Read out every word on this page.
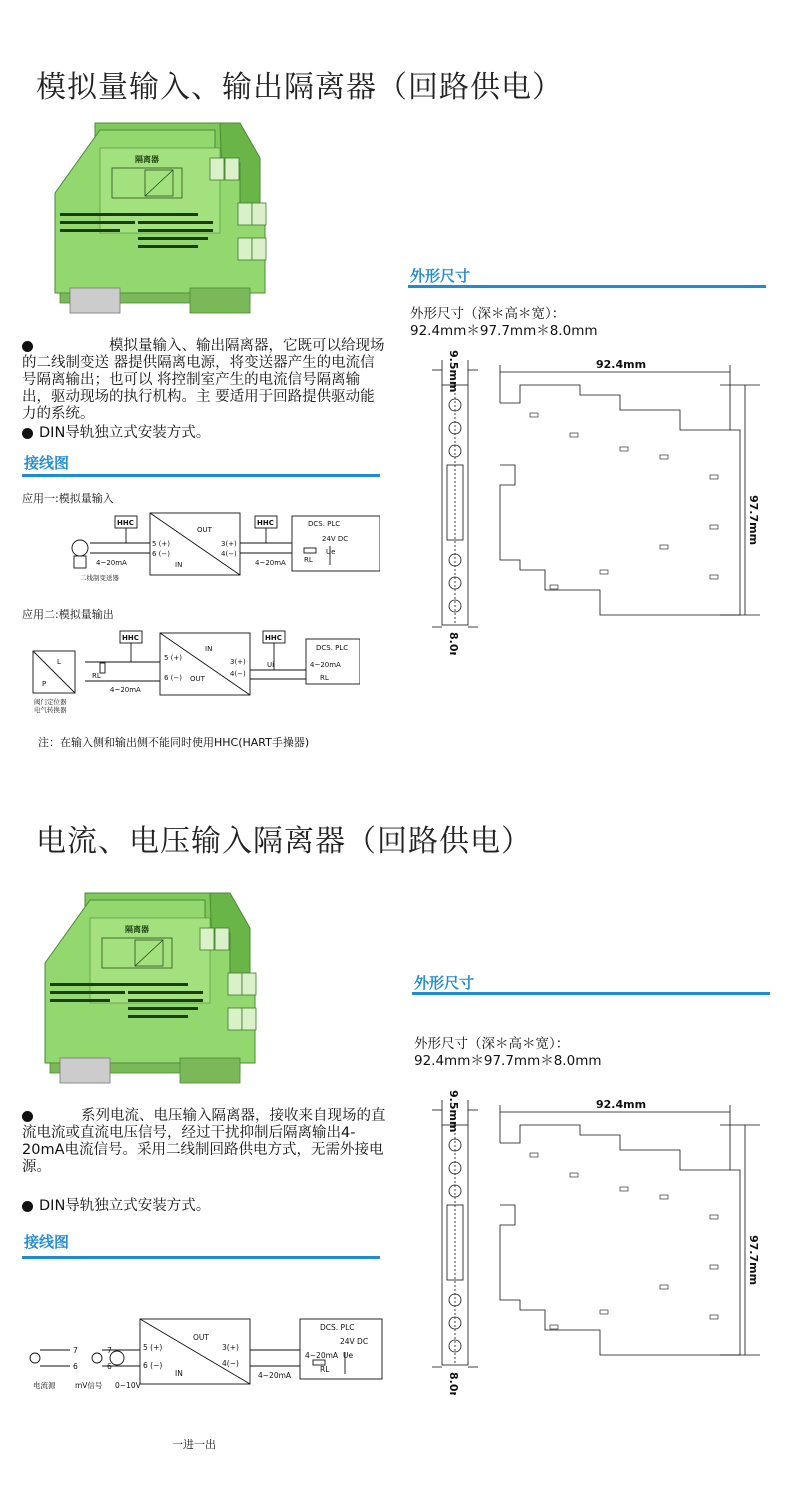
模拟量输入、输出隔离器（回路供电）
隔离器
模拟量输入、输出隔离器，它既可以给现场的二线制变送 器提供隔离电源，将变送器产生的电流信号隔离输出；也可以 将控制室产生的电流信号隔离输出，驱动现场的执行机构。主 要适用于回路提供驱动能力的系统。
DIN导轨独立式安装方式。
接线图
应用一:模拟量输入
HHC	HHC
OUT
IN
5 (+)
6 (−)
3(+)
4(−)
4~20mA	4~20mA
DCS. PLC
24V DC
Ue
RL
二线制变送器
应用二:模拟量输出
L
P
HHC	HHC
IN
OUT
5 (+)
6 (−)
3(+)
4(−)
RL
4~20mA
Ui
DCS. PLC
4~20mA
RL
阀门定位器
电气转换器
注：在输入侧和输出侧不能同时使用HHC(HART手操器)
外形尺寸
外形尺寸（深＊高＊宽）：
92.4mm＊97.7mm＊8.0mm
92.4mm
97.7mm
9.5mm
8.0mm
电流、电压输入隔离器（回路供电）
隔离器
系列电流、电压输入隔离器，接收来自现场的直流电流或直流电压信号，经过干扰抑制后隔离输出4-20mA电流信号。采用二线制回路供电方式，无需外接电源。
DIN导轨独立式安装方式。
接线图
7
6
7
6
5 (+)
6 (−)
OUT
IN
3(+)
4(−)
4~20mA
DCS. PLC
24V DC
4~20mA Ue
RL
电流源	mV信号 0~10V
一进一出
外形尺寸
外形尺寸（深＊高＊宽）：
92.4mm＊97.7mm＊8.0mm
92.4mm
97.7mm
9.5mm
8.0mm
